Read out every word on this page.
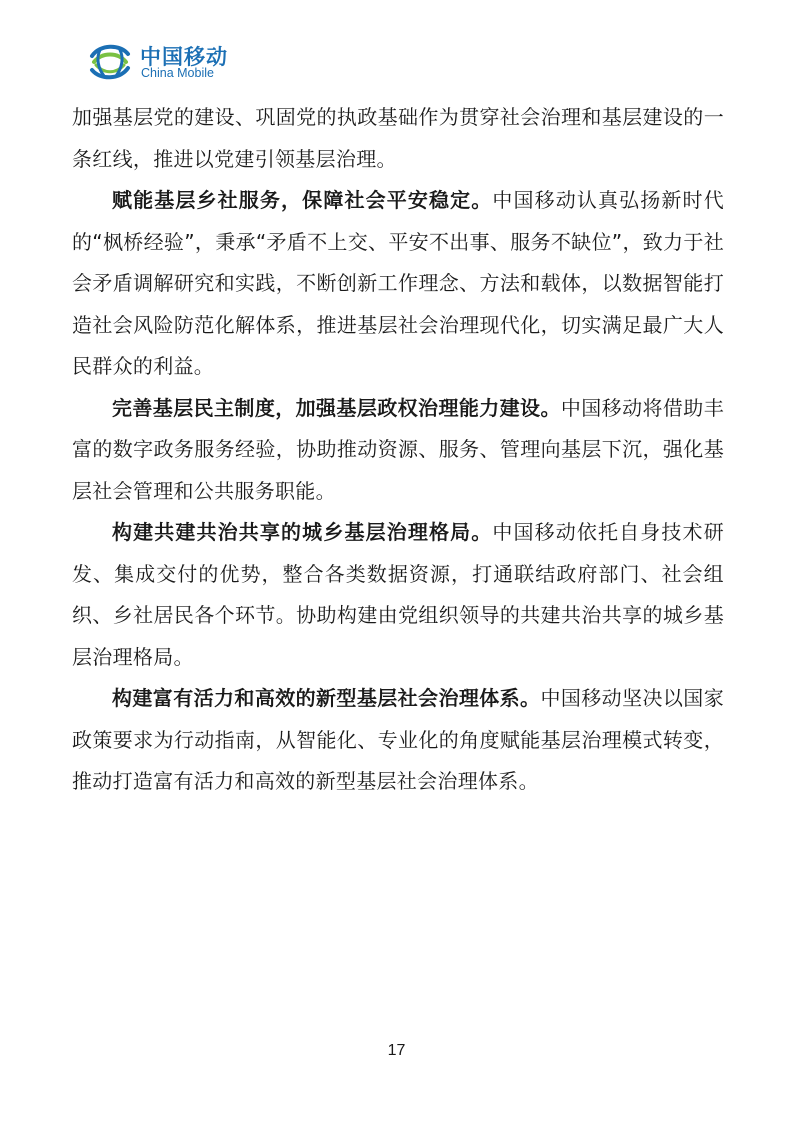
中国移动
China Mobile

加强基层党的建设、巩固党的执政基础作为贯穿社会治理和基层建设的一条红线，推进以党建引领基层治理。

赋能基层乡社服务，保障社会平安稳定。中国移动认真弘扬新时代的“枫桥经验”，秉承“矛盾不上交、平安不出事、服务不缺位”，致力于社会矛盾调解研究和实践，不断创新工作理念、方法和载体，以数据智能打造社会风险防范化解体系，推进基层社会治理现代化，切实满足最广大人民群众的利益。

完善基层民主制度，加强基层政权治理能力建设。中国移动将借助丰富的数字政务服务经验，协助推动资源、服务、管理向基层下沉，强化基层社会管理和公共服务职能。

构建共建共治共享的城乡基层治理格局。中国移动依托自身技术研发、集成交付的优势，整合各类数据资源，打通联结政府部门、社会组织、乡社居民各个环节。协助构建由党组织领导的共建共治共享的城乡基层治理格局。

构建富有活力和高效的新型基层社会治理体系。中国移动坚决以国家政策要求为行动指南，从智能化、专业化的角度赋能基层治理模式转变，推动打造富有活力和高效的新型基层社会治理体系。

17
